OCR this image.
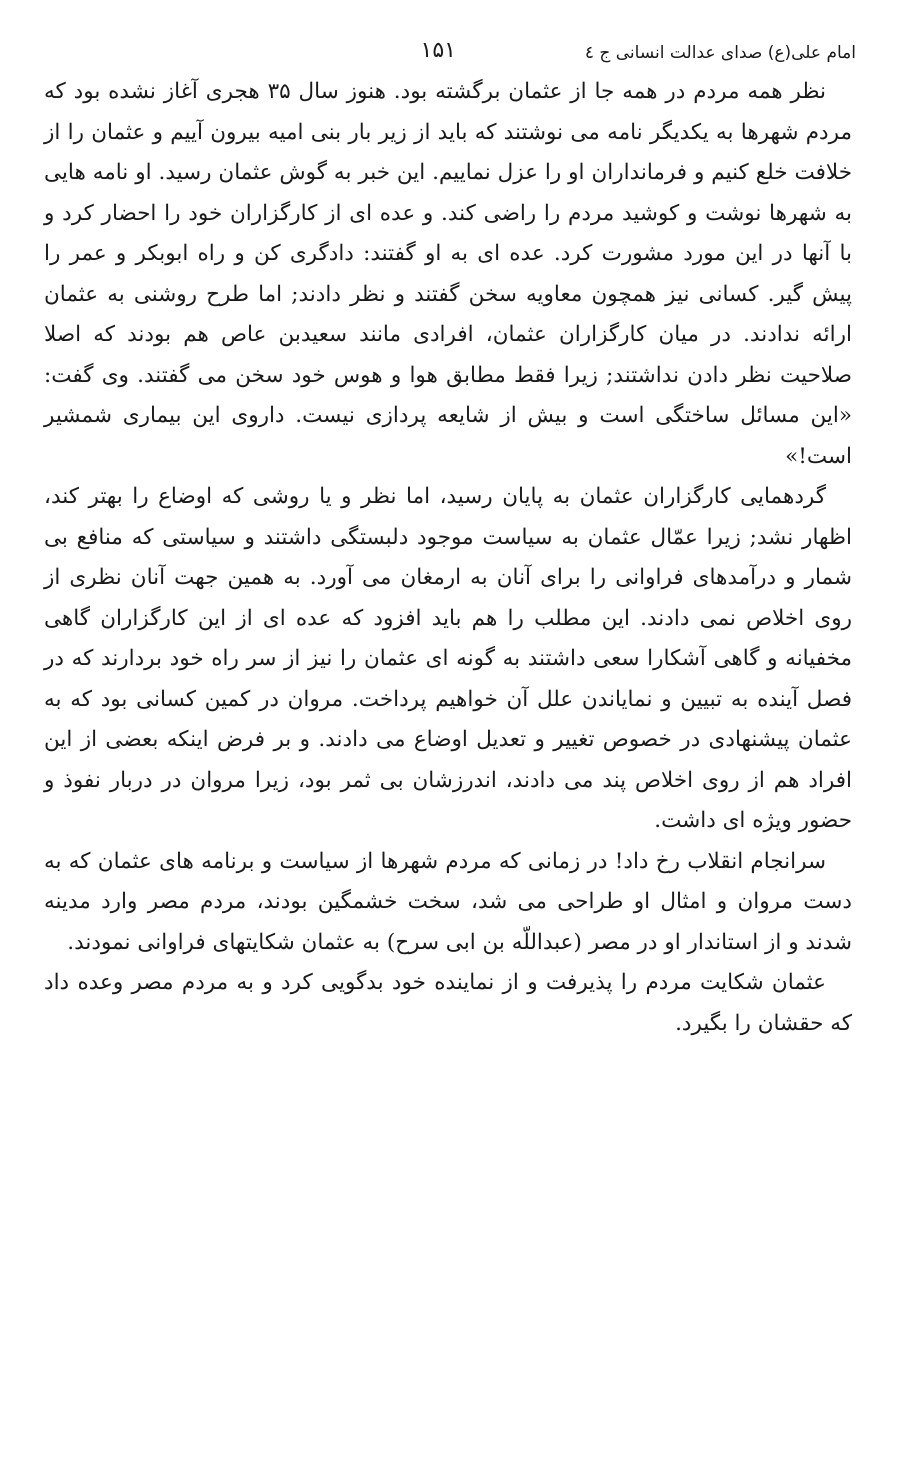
امام علی(ع) صدای عدالت انسانی ج ٤
۱۵۱

نظر همه مردم در همه جا از عثمان برگشته بود. هنوز سال ۳۵ هجری آغاز نشده بود که مردم شهرها به یکدیگر نامه می نوشتند که باید از زیر بار بنی امیه بیرون آییم و عثمان را از خلافت خلع کنیم و فرمانداران او را عزل نماییم. این خبر به گوش عثمان رسید. او نامه هایی به شهرها نوشت و کوشید مردم را راضی کند. و عده ای از کارگزاران خود را احضار کرد و با آنها در این مورد مشورت کرد. عده ای به او گفتند: دادگری کن و راه ابوبکر و عمر را پیش گیر. کسانی نیز همچون معاویه سخن گفتند و نظر دادند; اما طرح روشنی به عثمان ارائه ندادند. در میان کارگزاران عثمان، افرادی مانند سعیدبن عاص هم بودند که اصلا صلاحیت نظر دادن نداشتند; زیرا فقط مطابق هوا و هوس خود سخن می گفتند. وی گفت: «این مسائل ساختگی است و بیش از شایعه پردازی نیست. داروی این بیماری شمشیر است!»

گردهمایی کارگزاران عثمان به پایان رسید، اما نظر و یا روشی که اوضاع را بهتر کند، اظهار نشد; زیرا عمّال عثمان به سیاست موجود دلبستگی داشتند و سیاستی که منافع بی شمار و درآمدهای فراوانی را برای آنان به ارمغان می آورد. به همین جهت آنان نظری از روی اخلاص نمی دادند. این مطلب را هم باید افزود که عده ای از این کارگزاران گاهی مخفیانه و گاهی آشکارا سعی داشتند به گونه ای عثمان را نیز از سر راه خود بردارند که در فصل آینده به تبیین و نمایاندن علل آن خواهیم پرداخت. مروان در کمین کسانی بود که به عثمان پیشنهادی در خصوص تغییر و تعدیل اوضاع می دادند. و بر فرض اینکه بعضی از این افراد هم از روی اخلاص پند می دادند، اندرزشان بی ثمر بود، زیرا مروان در دربار نفوذ و حضور ویژه ای داشت.

سرانجام انقلاب رخ داد! در زمانی که مردم شهرها از سیاست و برنامه های عثمان که به دست مروان و امثال او طراحی می شد، سخت خشمگین بودند، مردم مصر وارد مدینه شدند و از استاندار او در مصر (عبداللّه بن ابی سرح) به عثمان شکایتهای فراوانی نمودند.

عثمان شکایت مردم را پذیرفت و از نماینده خود بدگویی کرد و به مردم مصر وعده داد که حقشان را بگیرد.
